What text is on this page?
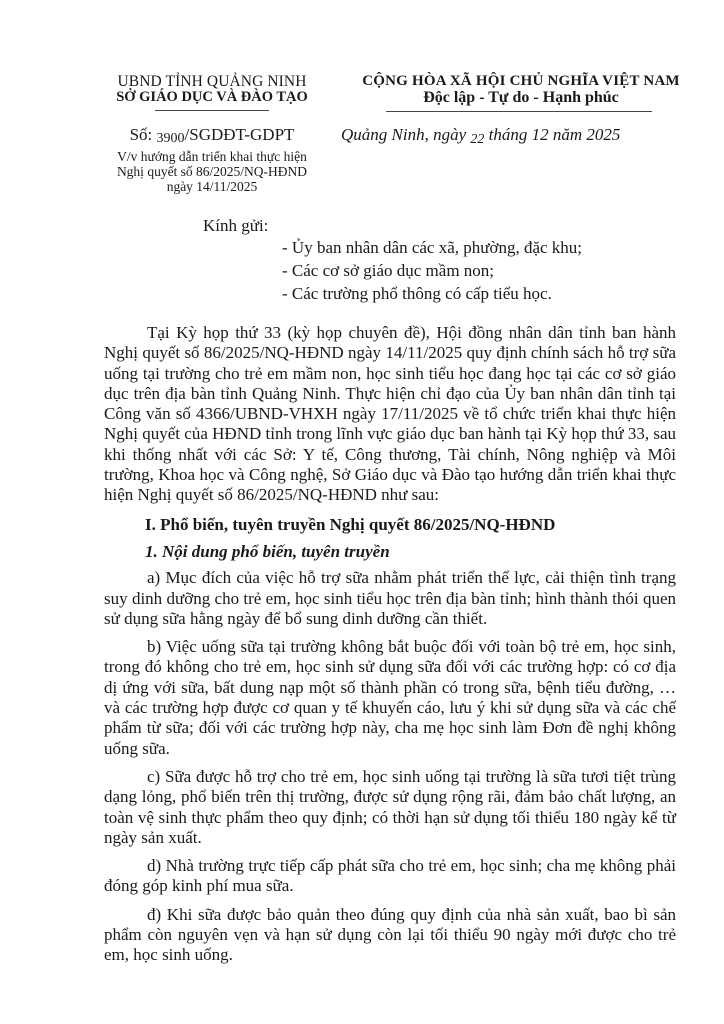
UBND TỈNH QUẢNG NINH
SỞ GIÁO DỤC VÀ ĐÀO TẠO
Số: 3900/SGDĐT-GDPT
V/v hướng dẫn triển khai thực hiện Nghị quyết số 86/2025/NQ-HĐND ngày 14/11/2025
CỘNG HÒA XÃ HỘI CHỦ NGHĨA VIỆT NAM
Độc lập - Tự do - Hạnh phúc
Quảng Ninh, ngày 22 tháng 12 năm 2025
Kính gửi:
- Ủy ban nhân dân các xã, phường, đặc khu;
- Các cơ sở giáo dục mầm non;
- Các trường phổ thông có cấp tiểu học.

Tại Kỳ họp thứ 33 (kỳ họp chuyên đề), Hội đồng nhân dân tỉnh ban hành Nghị quyết số 86/2025/NQ-HĐND ngày 14/11/2025 quy định chính sách hỗ trợ sữa uống tại trường cho trẻ em mầm non, học sinh tiểu học đang học tại các cơ sở giáo dục trên địa bàn tỉnh Quảng Ninh. Thực hiện chỉ đạo của Ủy ban nhân dân tỉnh tại Công văn số 4366/UBND-VHXH ngày 17/11/2025 về tổ chức triển khai thực hiện Nghị quyết của HĐND tỉnh trong lĩnh vực giáo dục ban hành tại Kỳ họp thứ 33, sau khi thống nhất với các Sở: Y tế, Công thương, Tài chính, Nông nghiệp và Môi trường, Khoa học và Công nghệ, Sở Giáo dục và Đào tạo hướng dẫn triển khai thực hiện Nghị quyết số 86/2025/NQ-HĐND như sau:

I. Phổ biến, tuyên truyền Nghị quyết 86/2025/NQ-HĐND
1. Nội dung phổ biến, tuyên truyền

a) Mục đích của việc hỗ trợ sữa nhằm phát triển thể lực, cải thiện tình trạng suy dinh dưỡng cho trẻ em, học sinh tiểu học trên địa bàn tỉnh; hình thành thói quen sử dụng sữa hằng ngày để bổ sung dinh dưỡng cần thiết.

b) Việc uống sữa tại trường không bắt buộc đối với toàn bộ trẻ em, học sinh, trong đó không cho trẻ em, học sinh sử dụng sữa đối với các trường hợp: có cơ địa dị ứng với sữa, bất dung nạp một số thành phần có trong sữa, bệnh tiểu đường, … và các trường hợp được cơ quan y tế khuyến cáo, lưu ý khi sử dụng sữa và các chế phẩm từ sữa; đối với các trường hợp này, cha mẹ học sinh làm Đơn đề nghị không uống sữa.

c) Sữa được hỗ trợ cho trẻ em, học sinh uống tại trường là sữa tươi tiệt trùng dạng lỏng, phổ biến trên thị trường, được sử dụng rộng rãi, đảm bảo chất lượng, an toàn vệ sinh thực phẩm theo quy định; có thời hạn sử dụng tối thiểu 180 ngày kể từ ngày sản xuất.

d) Nhà trường trực tiếp cấp phát sữa cho trẻ em, học sinh; cha mẹ không phải đóng góp kinh phí mua sữa.

đ) Khi sữa được bảo quản theo đúng quy định của nhà sản xuất, bao bì sản phẩm còn nguyên vẹn và hạn sử dụng còn lại tối thiểu 90 ngày mới được cho trẻ em, học sinh uống.
